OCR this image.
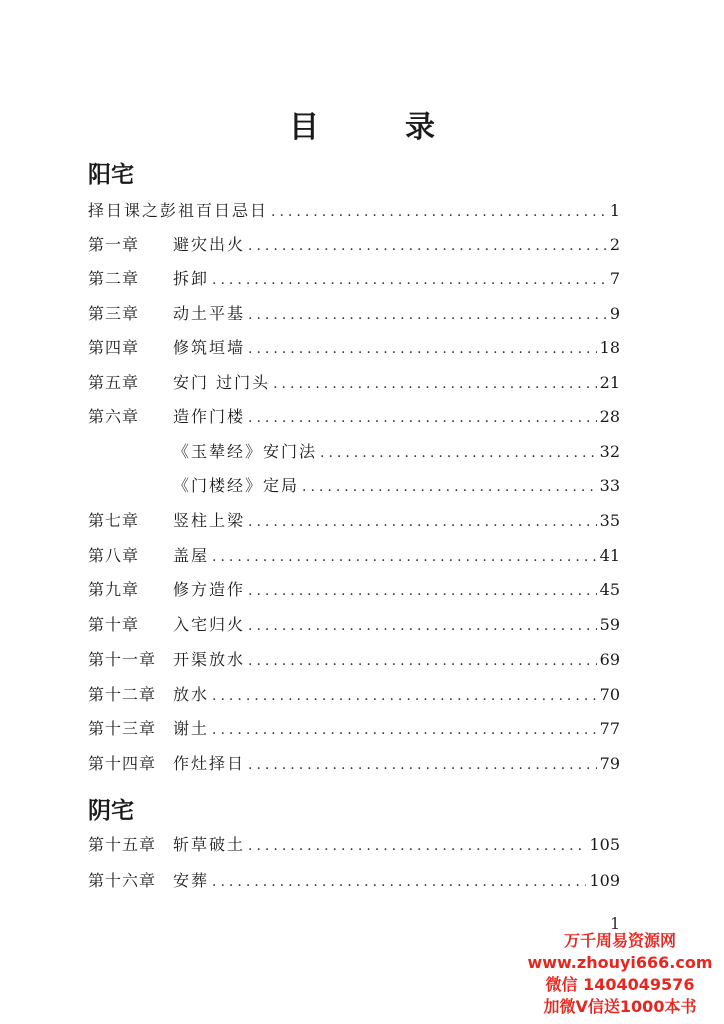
目　录
阳宅
择日课之彭祖百日忌日 .....	1
第一章	避灾出火 .....	2
第二章	拆卸 .....	7
第三章	动土平基 .....	9
第四章	修筑垣墙 .....	18
第五章	安门 过门头 .....	21
第六章	造作门楼 .....	28
《玉辇经》安门法 .....	32
《门楼经》定局 .....	33
第七章	竖柱上梁 .....	35
第八章	盖屋 .....	41
第九章	修方造作 .....	45
第十章	入宅归火 .....	59
第十一章	开渠放水 .....	69
第十二章	放水 .....	70
第十三章	谢土 .....	77
第十四章	作灶择日 .....	79
阴宅
第十五章	斩草破土 .....	105
第十六章	安葬 .....	109
1
万千周易资源网
www.zhouyi666.com
微信 1404049576
加微V信送1000本书
